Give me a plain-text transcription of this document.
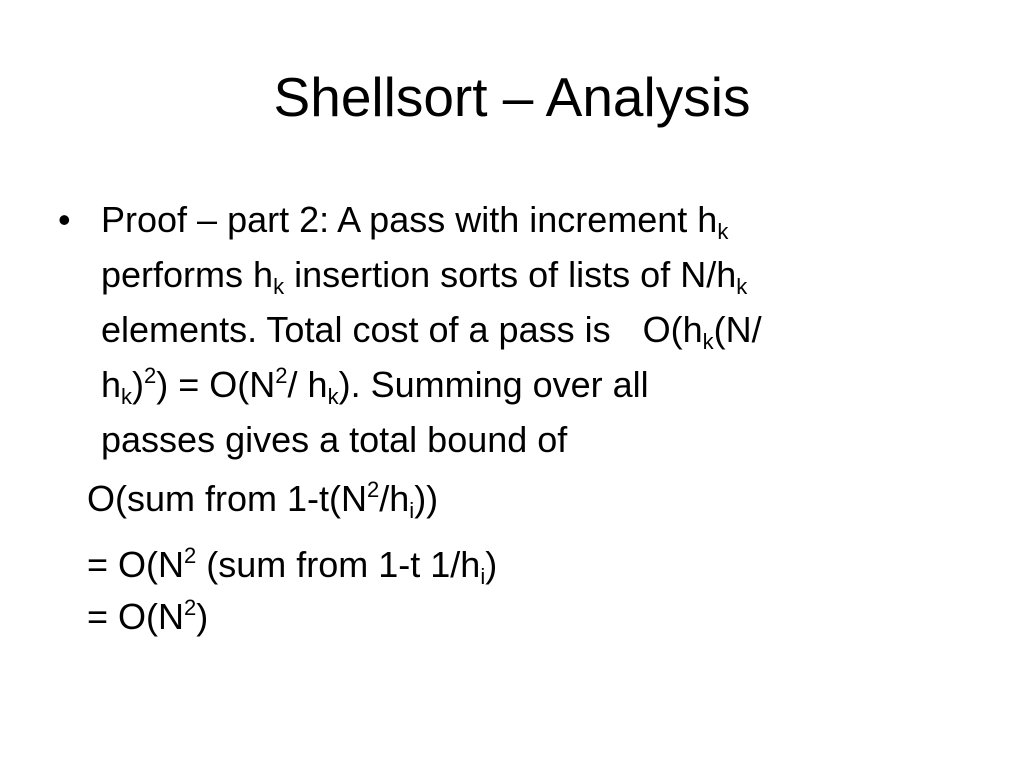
Shellsort – Analysis
• Proof – part 2: A pass with increment $h_k$
performs $h_k$ insertion sorts of lists of $N/h_k$
elements. Total cost of a pass is $O(h_k(N/$
$h_k)^2) = O(N^2/$ $h_k$). Summing over all
passes gives a total bound of
O(sum from $1-t(N^2/h_i)$)
= $O(N^2$ (sum from 1-t $1/h_i$)
= $O(N^2)$
